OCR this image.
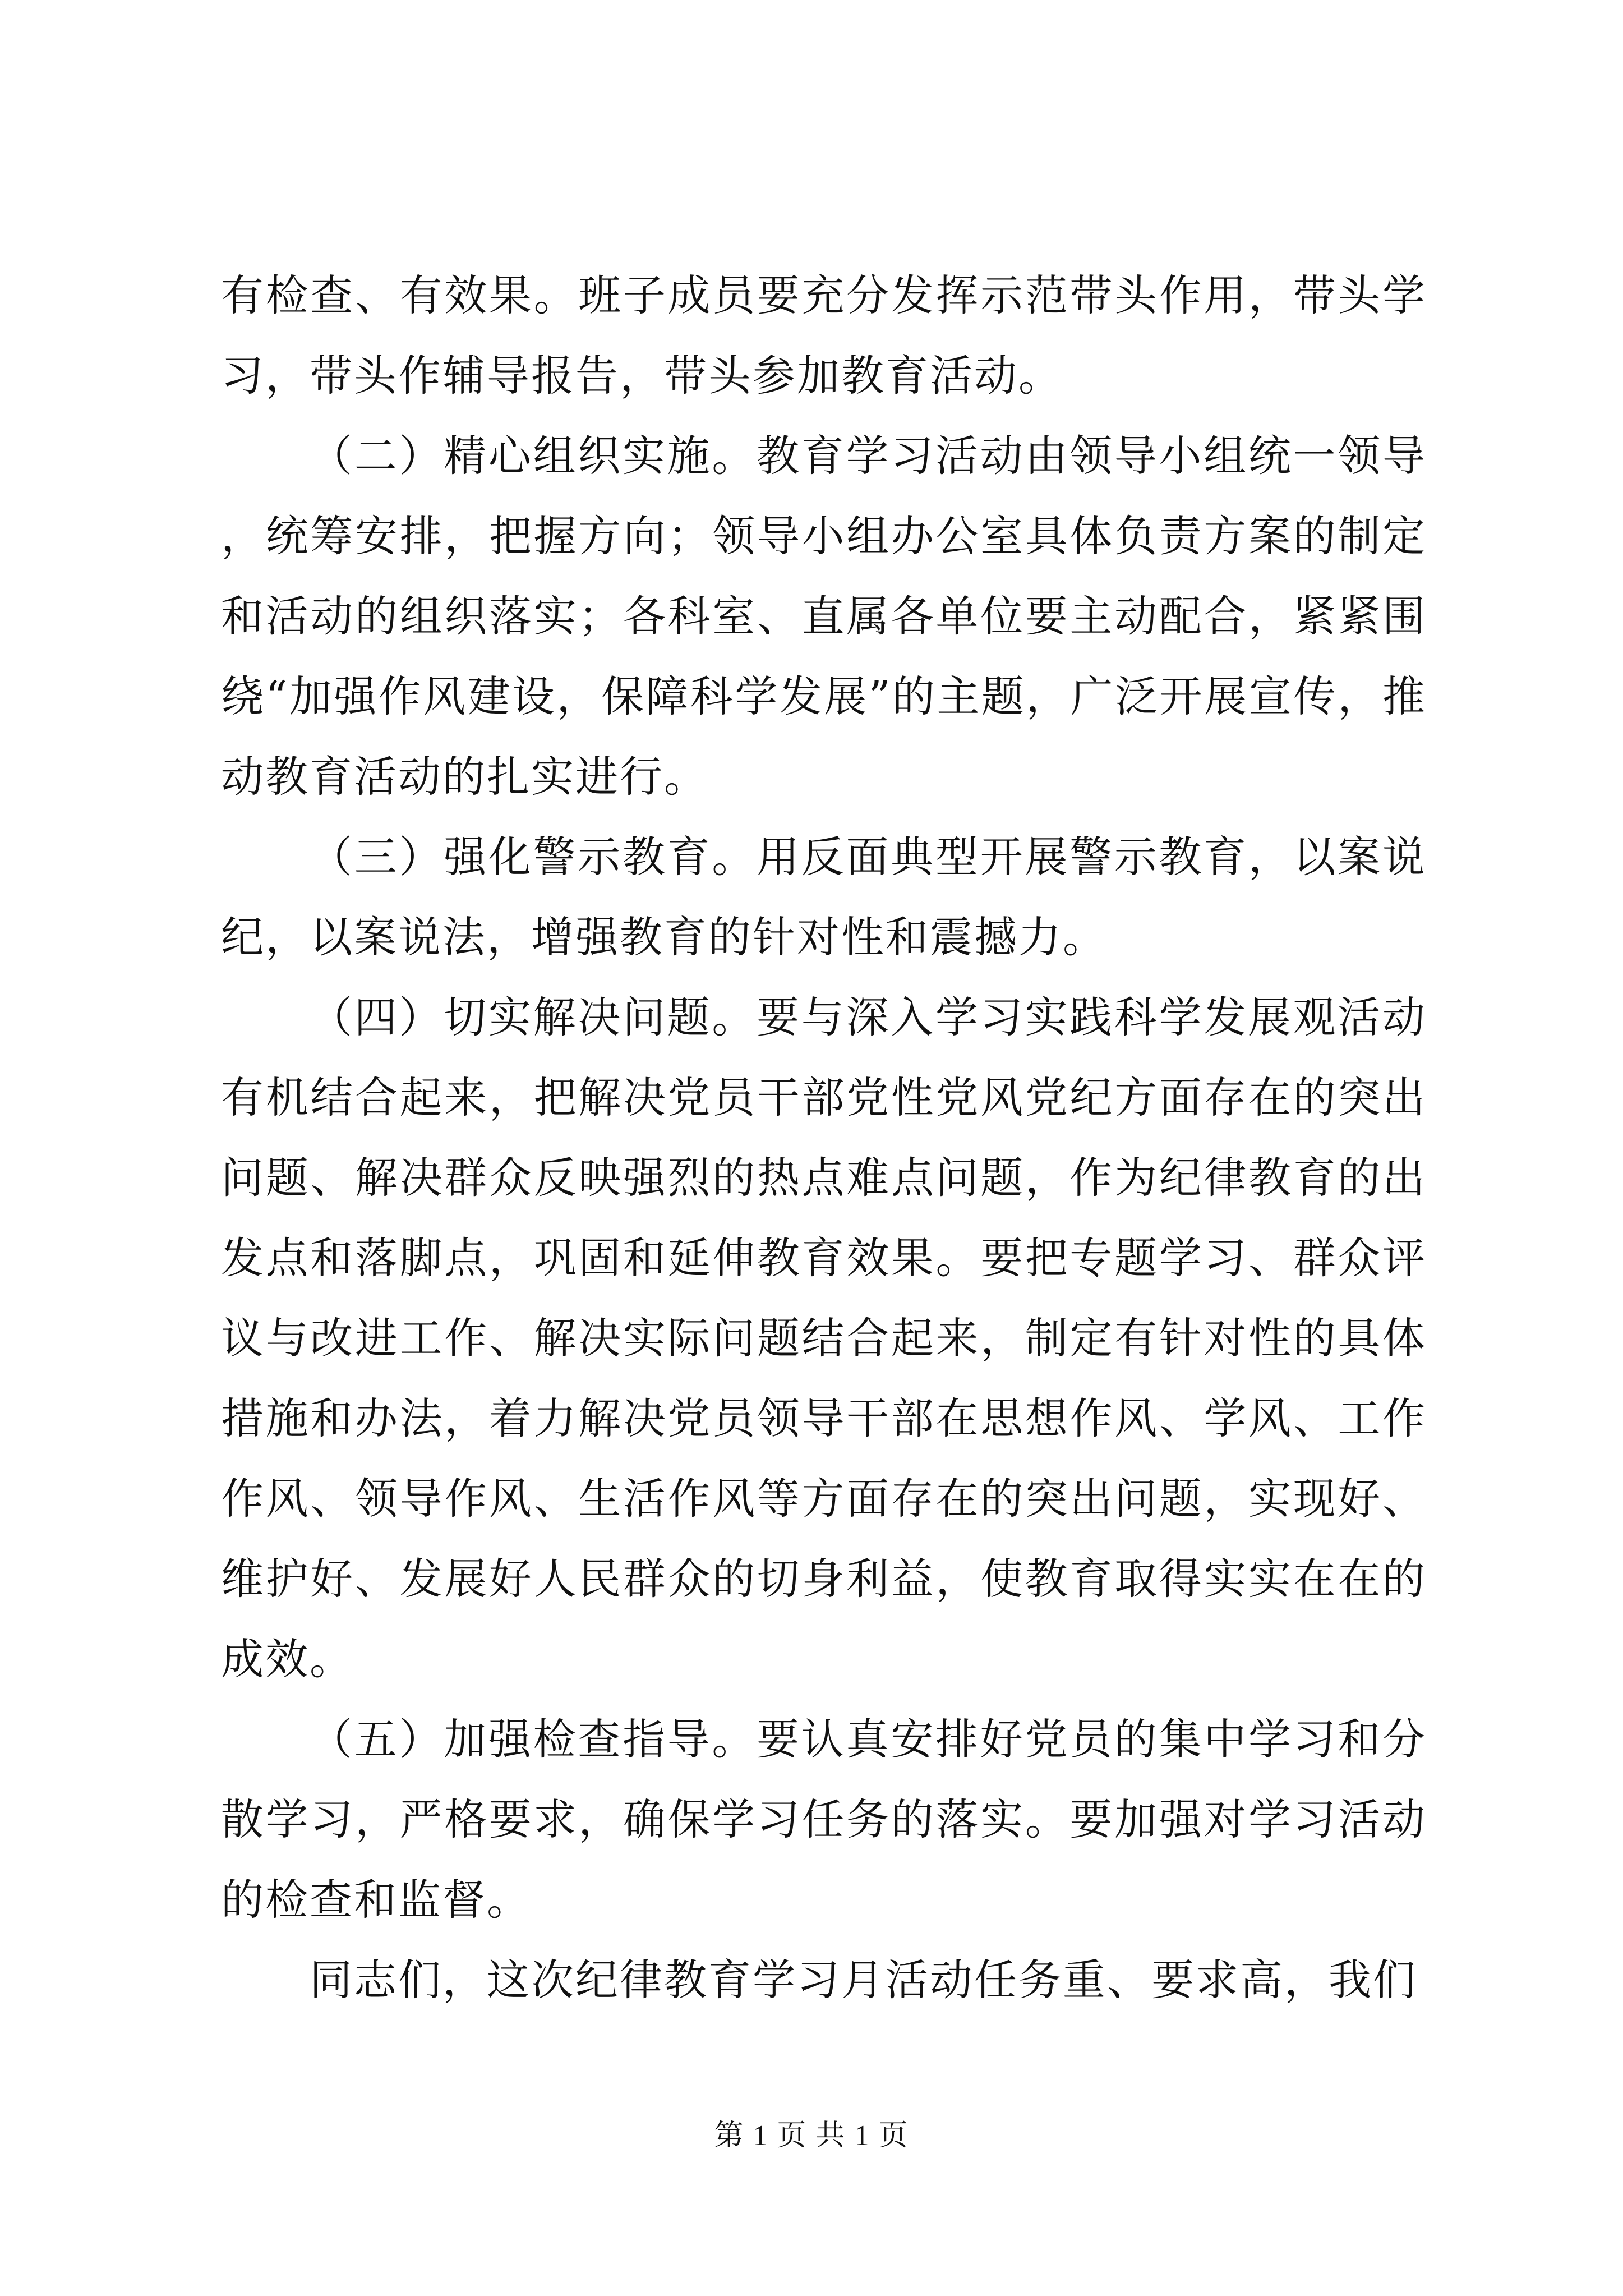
有检查、有效果。班子成员要充分发挥示范带头作用，带头学习，带头作辅导报告，带头参加教育活动。

（二）精心组织实施。教育学习活动由领导小组统一领导，统筹安排，把握方向；领导小组办公室具体负责方案的制定和活动的组织落实；各科室、直属各单位要主动配合，紧紧围绕“加强作风建设，保障科学发展”的主题，广泛开展宣传，推动教育活动的扎实进行。

（三）强化警示教育。用反面典型开展警示教育，以案说纪，以案说法，增强教育的针对性和震撼力。

（四）切实解决问题。要与深入学习实践科学发展观活动有机结合起来，把解决党员干部党性党风党纪方面存在的突出问题、解决群众反映强烈的热点难点问题，作为纪律教育的出发点和落脚点，巩固和延伸教育效果。要把专题学习、群众评议与改进工作、解决实际问题结合起来，制定有针对性的具体措施和办法，着力解决党员领导干部在思想作风、学风、工作作风、领导作风、生活作风等方面存在的突出问题，实现好、维护好、发展好人民群众的切身利益，使教育取得实实在在的成效。

（五）加强检查指导。要认真安排好党员的集中学习和分散学习，严格要求，确保学习任务的落实。要加强对学习活动的检查和监督。

同志们，这次纪律教育学习月活动任务重、要求高，我们

第 1 页 共 1 页
